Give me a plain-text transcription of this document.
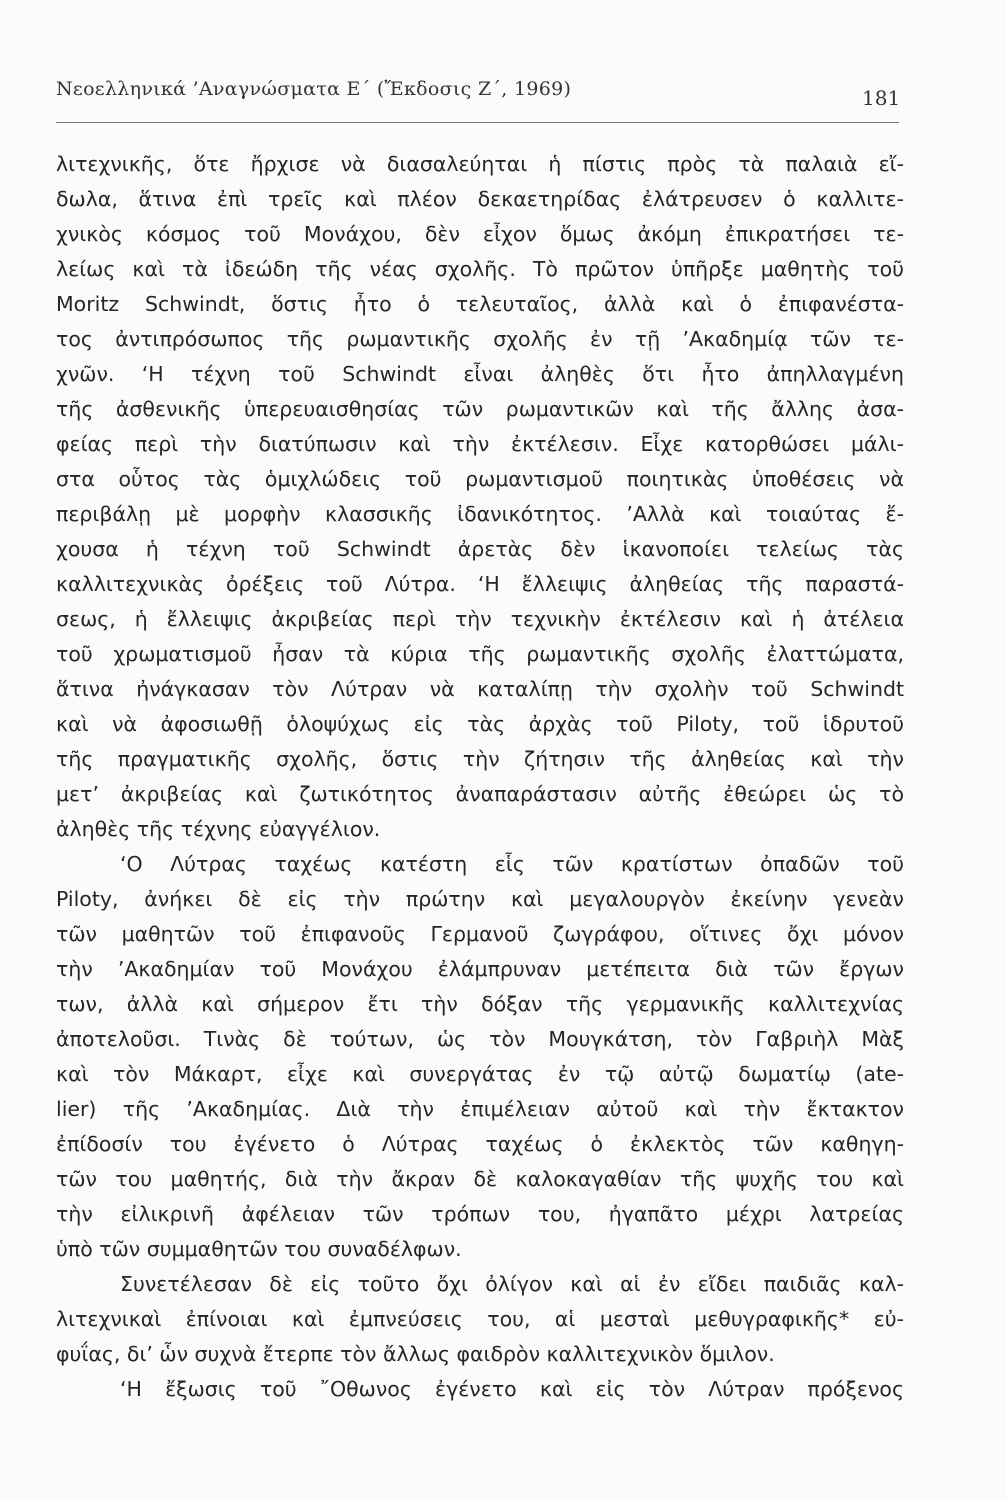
Νεοελληνικά ’Αναγνώσματα Ε΄ (Ἔκδοσις Ζ΄, 1969)	181
λιτεχνικῆς, ὅτε ἤρχισε νὰ διασαλεύηται ἡ πίστις πρὸς τὰ παλαιὰ εἴ-
δωλα, ἅτινα ἐπὶ τρεῖς καὶ πλέον δεκαετηρίδας ἐλάτρευσεν ὁ καλλιτε-
χνικὸς κόσμος τοῦ Μονάχου, δὲν εἶχον ὅμως ἀκόμη ἐπικρατήσει τε-
λείως καὶ τὰ ἰδεώδη τῆς νέας σχολῆς. Τὸ πρῶτον ὑπῆρξε μαθητὴς τοῦ
Moritz Schwindt, ὅστις ἦτο ὁ τελευταῖος, ἀλλὰ καὶ ὁ ἐπιφανέστα-
τος ἀντιπρόσωπος τῆς ρωμαντικῆς σχολῆς ἐν τῇ ’Ακαδημίᾳ τῶν τε-
χνῶν. ‘Η τέχνη τοῦ Schwindt εἶναι ἀληθὲς ὅτι ἦτο ἀπηλλαγμένη
τῆς ἀσθενικῆς ὑπερευαισθησίας τῶν ρωμαντικῶν καὶ τῆς ἄλλης ἀσα-
φείας περὶ τὴν διατύπωσιν καὶ τὴν ἐκτέλεσιν. Εἶχε κατορθώσει μάλι-
στα οὗτος τὰς ὁμιχλώδεις τοῦ ρωμαντισμοῦ ποιητικὰς ὑποθέσεις νὰ
περιβάλῃ μὲ μορφὴν κλασσικῆς ἰδανικότητος. ’Αλλὰ καὶ τοιαύτας ἔ-
χουσα ἡ τέχνη τοῦ Schwindt ἀρετὰς δὲν ἱκανοποίει τελείως τὰς
καλλιτεχνικὰς ὀρέξεις τοῦ Λύτρα. ‘Η ἔλλειψις ἀληθείας τῆς παραστά-
σεως, ἡ ἔλλειψις ἀκριβείας περὶ τὴν τεχνικὴν ἐκτέλεσιν καὶ ἡ ἀτέλεια
τοῦ χρωματισμοῦ ἦσαν τὰ κύρια τῆς ρωμαντικῆς σχολῆς ἐλαττώματα,
ἅτινα ἠνάγκασαν τὸν Λύτραν νὰ καταλίπῃ τὴν σχολὴν τοῦ Schwindt
καὶ νὰ ἀφοσιωθῇ ὁλοψύχως εἰς τὰς ἀρχὰς τοῦ Piloty, τοῦ ἱδρυτοῦ
τῆς πραγματικῆς σχολῆς, ὅστις τὴν ζήτησιν τῆς ἀληθείας καὶ τὴν
μετ’ ἀκριβείας καὶ ζωτικότητος ἀναπαράστασιν αὐτῆς ἐθεώρει ὡς τὸ
ἀληθὲς τῆς τέχνης εὐαγγέλιον.
‘Ο Λύτρας ταχέως κατέστη εἷς τῶν κρατίστων ὀπαδῶν τοῦ
Piloty, ἀνήκει δὲ εἰς τὴν πρώτην καὶ μεγαλουργὸν ἐκείνην γενεὰν
τῶν μαθητῶν τοῦ ἐπιφανοῦς Γερμανοῦ ζωγράφου, οἵτινες ὄχι μόνον
τὴν ’Ακαδημίαν τοῦ Μονάχου ἐλάμπρυναν μετέπειτα διὰ τῶν ἔργων
των, ἀλλὰ καὶ σήμερον ἔτι τὴν δόξαν τῆς γερμανικῆς καλλιτεχνίας
ἀποτελοῦσι. Τινὰς δὲ τούτων, ὡς τὸν Μουγκάτση, τὸν Γαβριὴλ Μὰξ
καὶ τὸν Μάκαρτ, εἶχε καὶ συνεργάτας ἐν τῷ αὐτῷ δωματίῳ (ate-
lier) τῆς ’Ακαδημίας. Διὰ τὴν ἐπιμέλειαν αὐτοῦ καὶ τὴν ἔκτακτον
ἐπίδοσίν του ἐγένετο ὁ Λύτρας ταχέως ὁ ἐκλεκτὸς τῶν καθηγη-
τῶν του μαθητής, διὰ τὴν ἄκραν δὲ καλοκαγαθίαν τῆς ψυχῆς του καὶ
τὴν εἰλικρινῆ ἀφέλειαν τῶν τρόπων του, ἠγαπᾶτο μέχρι λατρείας
ὑπὸ τῶν συμμαθητῶν του συναδέλφων.
Συνετέλεσαν δὲ εἰς τοῦτο ὄχι ὀλίγον καὶ αἱ ἐν εἴδει παιδιᾶς καλ-
λιτεχνικαὶ ἐπίνοιαι καὶ ἐμπνεύσεις του, αἱ μεσταὶ μεθυγραφικῆς* εὐ-
φυΐας, δι’ ὧν συχνὰ ἔτερπε τὸν ἄλλως φαιδρὸν καλλιτεχνικὸν ὅμιλον.
‘Η ἔξωσις τοῦ ῎Οθωνος ἐγένετο καὶ εἰς τὸν Λύτραν πρόξενος
